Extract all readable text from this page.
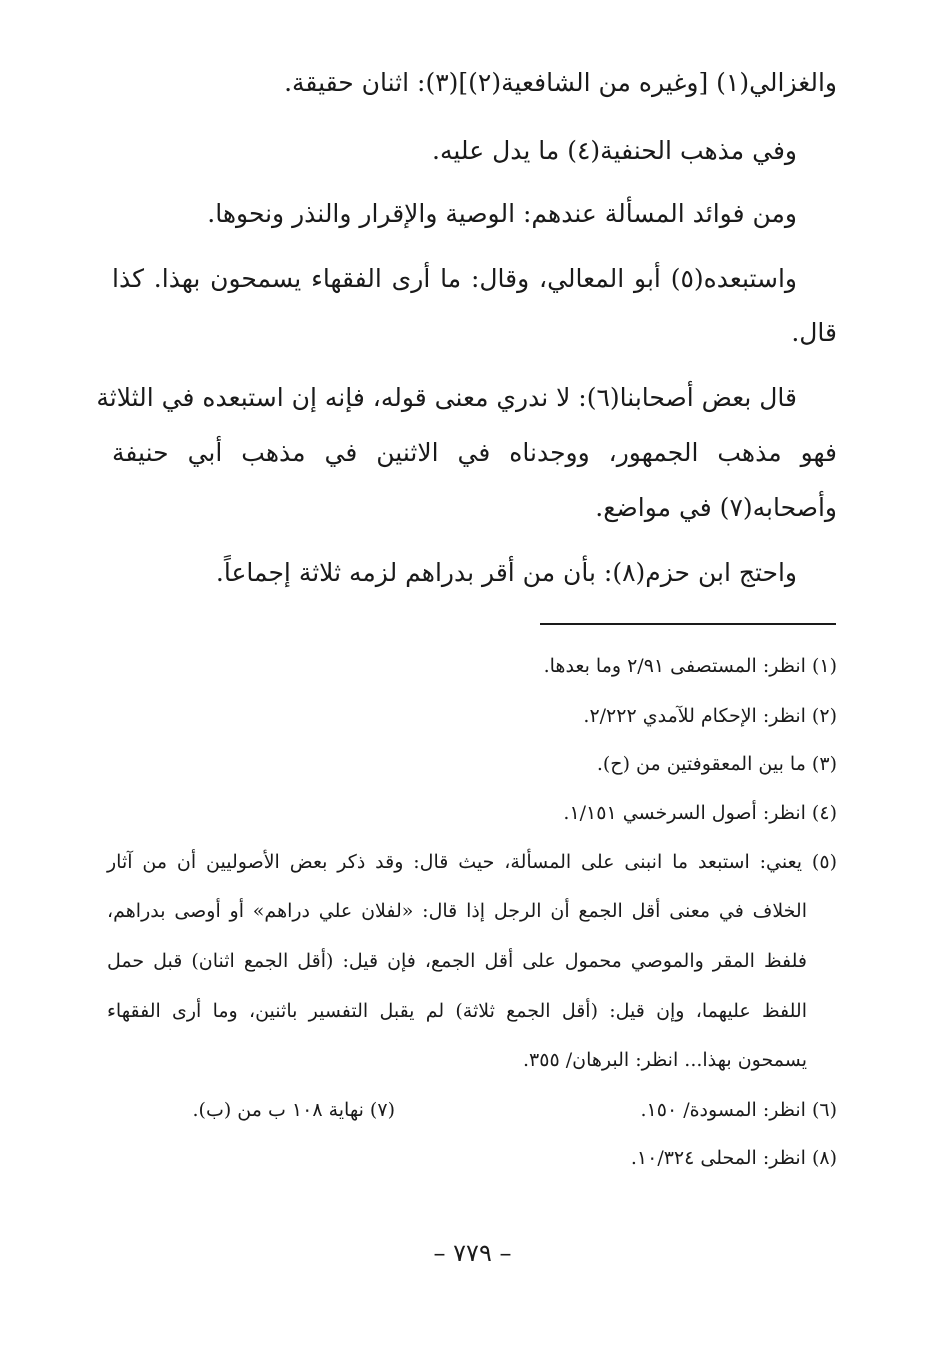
والغزالي(١) [وغيره من الشافعية(٢)](٣): اثنان حقيقة.
وفي مذهب الحنفية(٤) ما يدل عليه.
ومن فوائد المسألة عندهم: الوصية والإقرار والنذر ونحوها.
واستبعده(٥) أبو المعالي، وقال: ما أرى الفقهاء يسمحون بهذا. كذا
قال.
قال بعض أصحابنا(٦): لا ندري معنى قوله، فإنه إن استبعده في الثلاثة
فهو مذهب الجمهور، ووجدناه في الاثنين في مذهب أبي حنيفة
وأصحابه(٧) في مواضع.
واحتج ابن حزم(٨): بأن من أقر بدراهم لزمه ثلاثة إجماعاً.
(١) انظر: المستصفى ٢/٩١ وما بعدها.
(٢) انظر: الإحكام للآمدي ٢/٢٢٢.
(٣) ما بين المعقوفتين من (ح).
(٤) انظر: أصول السرخسي ١/١٥١.
(٥) يعني: استبعد ما انبنى على المسألة، حيث قال: وقد ذكر بعض الأصوليين أن من آثار
الخلاف في معنى أقل الجمع أن الرجل إذا قال: «لفلان علي دراهم» أو أوصى بدراهم،
فلفظ المقر والموصي محمول على أقل الجمع، فإن قيل: (أقل الجمع اثنان) قبل حمل
اللفظ عليهما، وإن قيل: (أقل الجمع ثلاثة) لم يقبل التفسير باثنين، وما أرى الفقهاء
يسمحون بهذا... انظر: البرهان/ ٣٥٥.
(٦) انظر: المسودة/ ١٥٠.
(٧) نهاية ١٠٨ ب من (ب).
(٨) انظر: المحلى ١٠/٣٢٤.
– ٧٧٩ –
